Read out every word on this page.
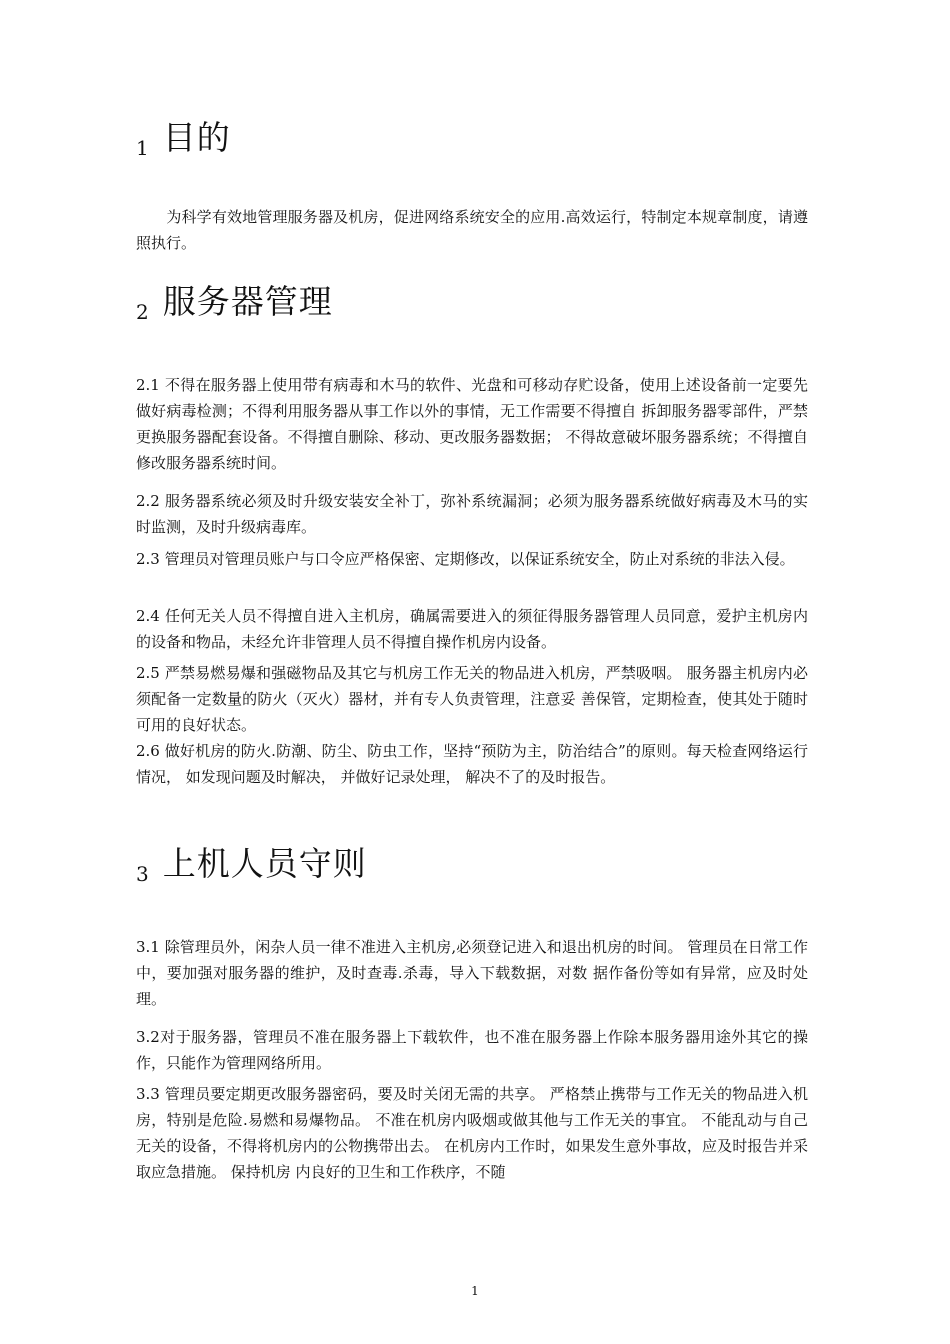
1 目的
　　为科学有效地管理服务器及机房，促进网络系统安全的应用.高效运行，特制定本规章制度，请遵照执行。
2 服务器管理
2.1 不得在服务器上使用带有病毒和木马的软件、光盘和可移动存贮设备，使用上述设备前一定要先做好病毒检测；不得利用服务器从事工作以外的事情，无工作需要不得擅自 拆卸服务器零部件，严禁更换服务器配套设备。不得擅自删除、移动、更改服务器数据； 不得故意破坏服务器系统；不得擅自修改服务器系统时间。
2.2 服务器系统必须及时升级安装安全补丁，弥补系统漏洞；必须为服务器系统做好病毒及木马的实时监测，及时升级病毒库。
2.3 管理员对管理员账户与口令应严格保密、定期修改，以保证系统安全，防止对系统的非法入侵。
2.4 任何无关人员不得擅自进入主机房，确属需要进入的须征得服务器管理人员同意，爱护主机房内的设备和物品，未经允许非管理人员不得擅自操作机房内设备。
2.5 严禁易燃易爆和强磁物品及其它与机房工作无关的物品进入机房，严禁吸咽。 服务器主机房内必须配备一定数量的防火（灭火）器材，并有专人负责管理，注意妥 善保管，定期检查，使其处于随时可用的良好状态。
2.6 做好机房的防火.防潮、防尘、防虫工作，坚持“预防为主，防治结合”的原则。每天检查网络运行情况， 如发现问题及时解决， 并做好记录处理， 解决不了的及时报告。
3 上机人员守则
3.1 除管理员外，闲杂人员一律不准进入主机房,必须登记进入和退出机房的时间。 管理员在日常工作中，要加强对服务器的维护，及时查毒.杀毒，导入下载数据，对数 据作备份等如有异常，应及时处理。
3.2对于服务器，管理员不准在服务器上下载软件，也不准在服务器上作除本服务器用途外其它的操作，只能作为管理网络所用。
3.3 管理员要定期更改服务器密码，要及时关闭无需的共享。 严格禁止携带与工作无关的物品进入机房，特别是危险.易燃和易爆物品。 不准在机房内吸烟或做其他与工作无关的事宜。 不能乱动与自己无关的设备，不得将机房内的公物携带出去。 在机房内工作时，如果发生意外事故，应及时报告并采取应急措施。 保持机房 内良好的卫生和工作秩序，不随
1
